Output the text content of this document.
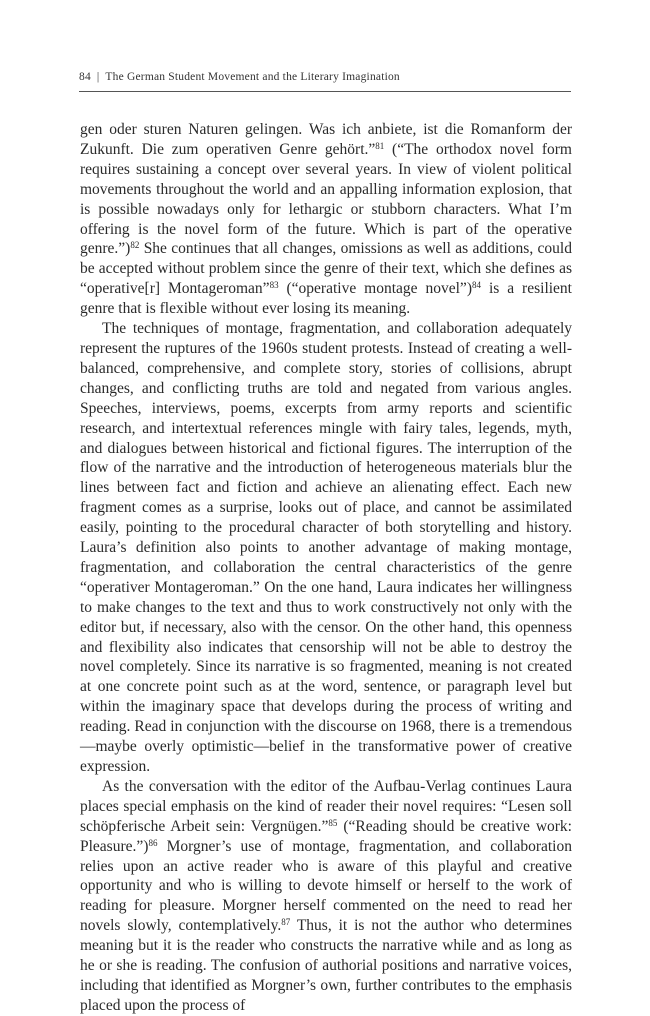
84 | The German Student Movement and the Literary Imagination

gen oder sturen Naturen gelingen. Was ich anbiete, ist die Romanform der Zukunft. Die zum operativen Genre gehört.”$^{81}$ (“The orthodox novel form requires sustaining a concept over several years. In view of violent political movements throughout the world and an appalling information explosion, that is possible nowadays only for lethargic or stubborn characters. What I’m offering is the novel form of the future. Which is part of the operative genre.”)$^{82}$ She continues that all changes, omissions as well as additions, could be accepted without problem since the genre of their text, which she defines as “operative[r] Montageroman”$^{83}$ (“operative montage novel”)$^{84}$ is a resilient genre that is flexible without ever losing its meaning.

The techniques of montage, fragmentation, and collaboration adequately represent the ruptures of the 1960s student protests. Instead of creating a well-balanced, comprehensive, and complete story, stories of collisions, abrupt changes, and conflicting truths are told and negated from various angles. Speeches, interviews, poems, excerpts from army reports and scientific research, and intertextual references mingle with fairy tales, legends, myth, and dialogues between historical and fictional figures. The interruption of the flow of the narrative and the introduction of heterogeneous materials blur the lines between fact and fiction and achieve an alienating effect. Each new fragment comes as a surprise, looks out of place, and cannot be assimilated easily, pointing to the procedural character of both storytelling and history. Laura’s definition also points to another advantage of making montage, fragmentation, and collaboration the central characteristics of the genre “operativer Montageroman.” On the one hand, Laura indicates her willingness to make changes to the text and thus to work constructively not only with the editor but, if necessary, also with the censor. On the other hand, this openness and flexibility also indicates that censorship will not be able to destroy the novel completely. Since its narrative is so fragmented, meaning is not created at one concrete point such as at the word, sentence, or paragraph level but within the imaginary space that develops during the process of writing and reading. Read in conjunction with the discourse on 1968, there is a tremendous—maybe overly optimistic—belief in the transformative power of creative expression.

As the conversation with the editor of the Aufbau-Verlag continues Laura places special emphasis on the kind of reader their novel requires: “Lesen soll schöpferische Arbeit sein: Vergnügen.”$^{85}$ (“Reading should be creative work: Pleasure.”)$^{86}$ Morgner’s use of montage, fragmentation, and collaboration relies upon an active reader who is aware of this playful and creative opportunity and who is willing to devote himself or herself to the work of reading for pleasure. Morgner herself commented on the need to read her novels slowly, contemplatively.$^{87}$ Thus, it is not the author who determines meaning but it is the reader who constructs the narrative while and as long as he or she is reading. The confusion of authorial positions and narrative voices, including that identified as Morgner’s own, further contributes to the emphasis placed upon the process of
